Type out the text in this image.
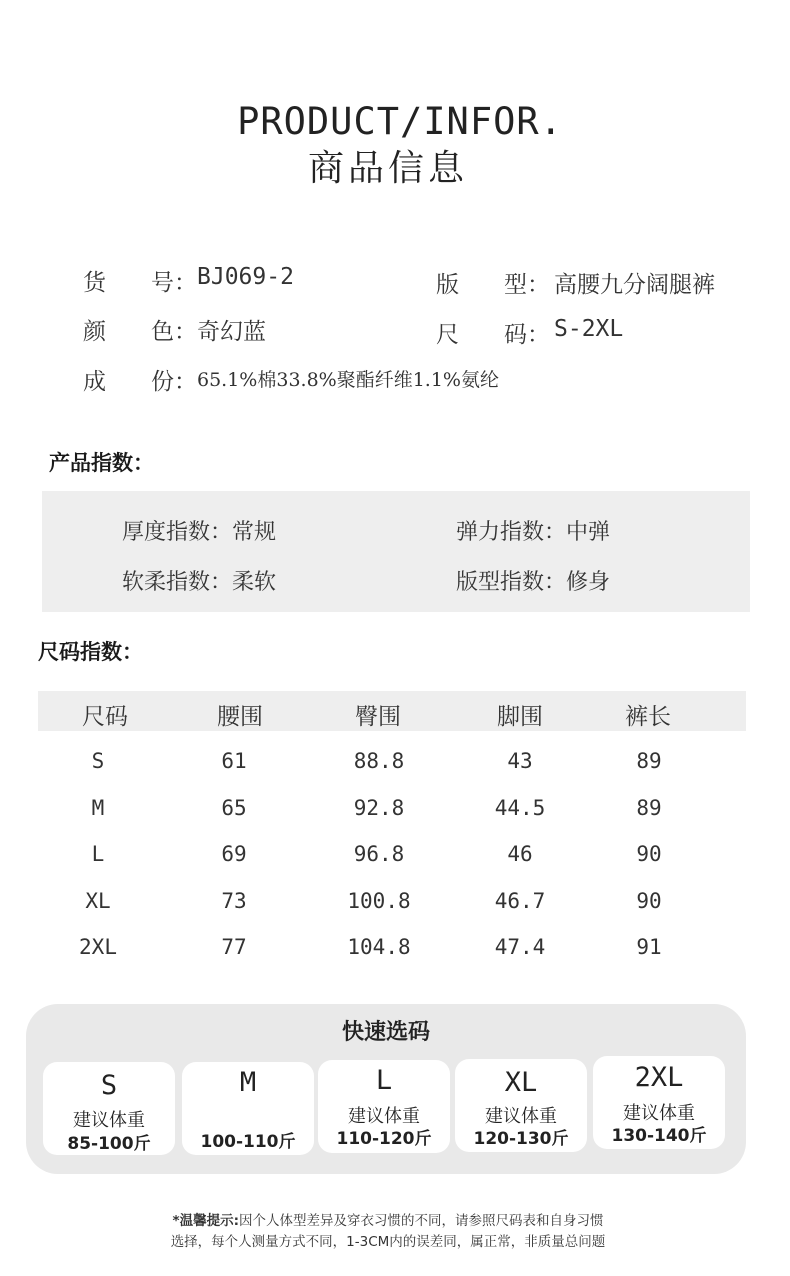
PRODUCT/INFOR.
商品信息
货 号： BJ069-2	版 型： 高腰九分阔腿裤
颜 色： 奇幻蓝	尺 码： S-2XL
成 份： 65.1%棉33.8%聚酯纤维1.1%氨纶
产品指数：
厚度指数：常规	弹力指数：中弹
软柔指数：柔软	版型指数：修身
尺码指数：
尺码	腰围	臀围	脚围	裤长
S	61	88.8	43	89
M	65	92.8	44.5	89
L	69	96.8	46	90
XL	73	100.8	46.7	90
2XL	77	104.8	47.4	91
快速选码
S
建议体重
85-100斤
M
100-110斤
L
建议体重
110-120斤
XL
建议体重
120-130斤
2XL
建议体重
130-140斤
*温馨提示:因个人体型差异及穿衣习惯的不同，请参照尺码表和自身习惯
选择，每个人测量方式不同，1-3CM内的误差同，属正常，非质量总问题
